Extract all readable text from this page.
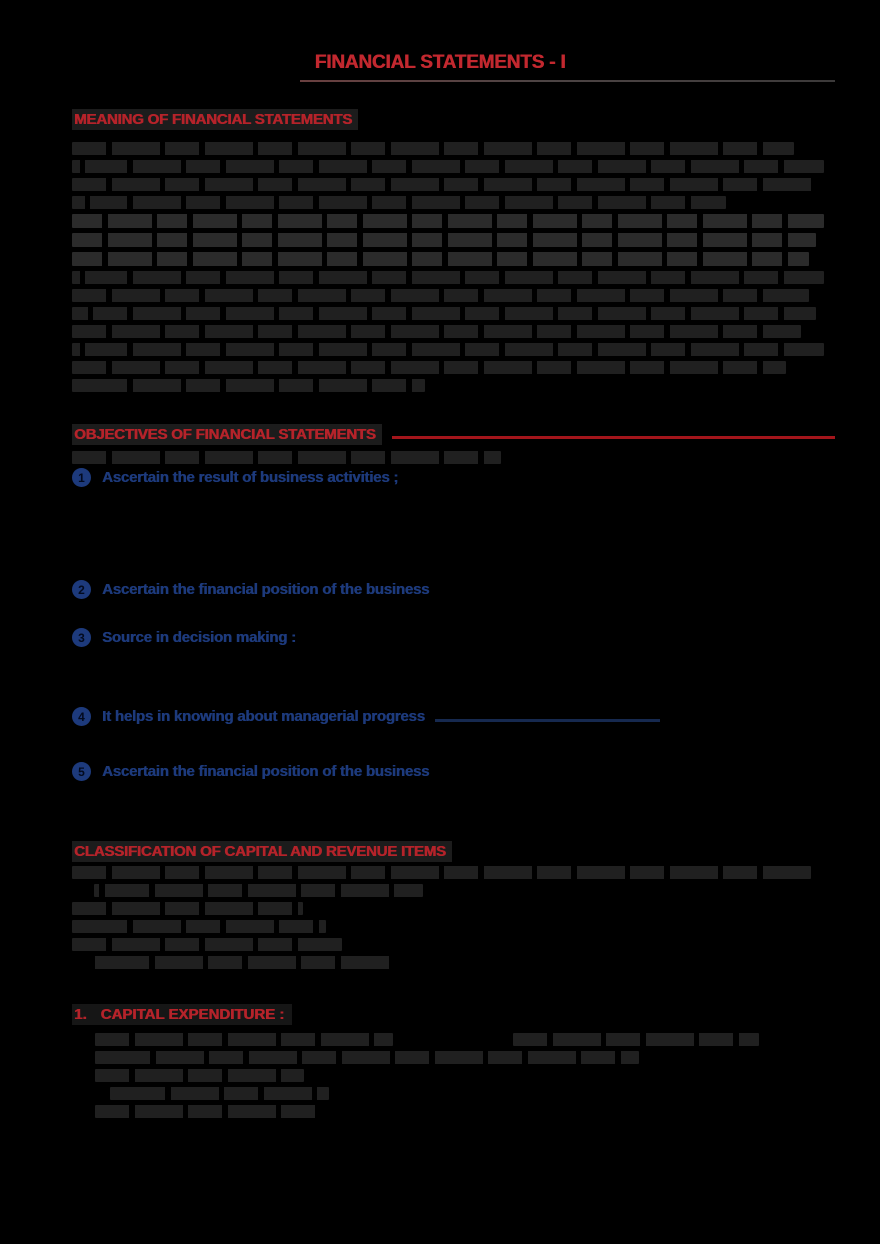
FINANCIAL STATEMENTS - I
MEANING OF FINANCIAL STATEMENTS
OBJECTIVES OF FINANCIAL STATEMENTS
1 Ascertain the result of business activities ;
2 Ascertain the financial position of the business
3 Source in decision making :
4 It helps in knowing about managerial progress
5 Ascertain the financial position of the business
CLASSIFICATION OF CAPITAL AND REVENUE ITEMS
1. CAPITAL EXPENDITURE :
